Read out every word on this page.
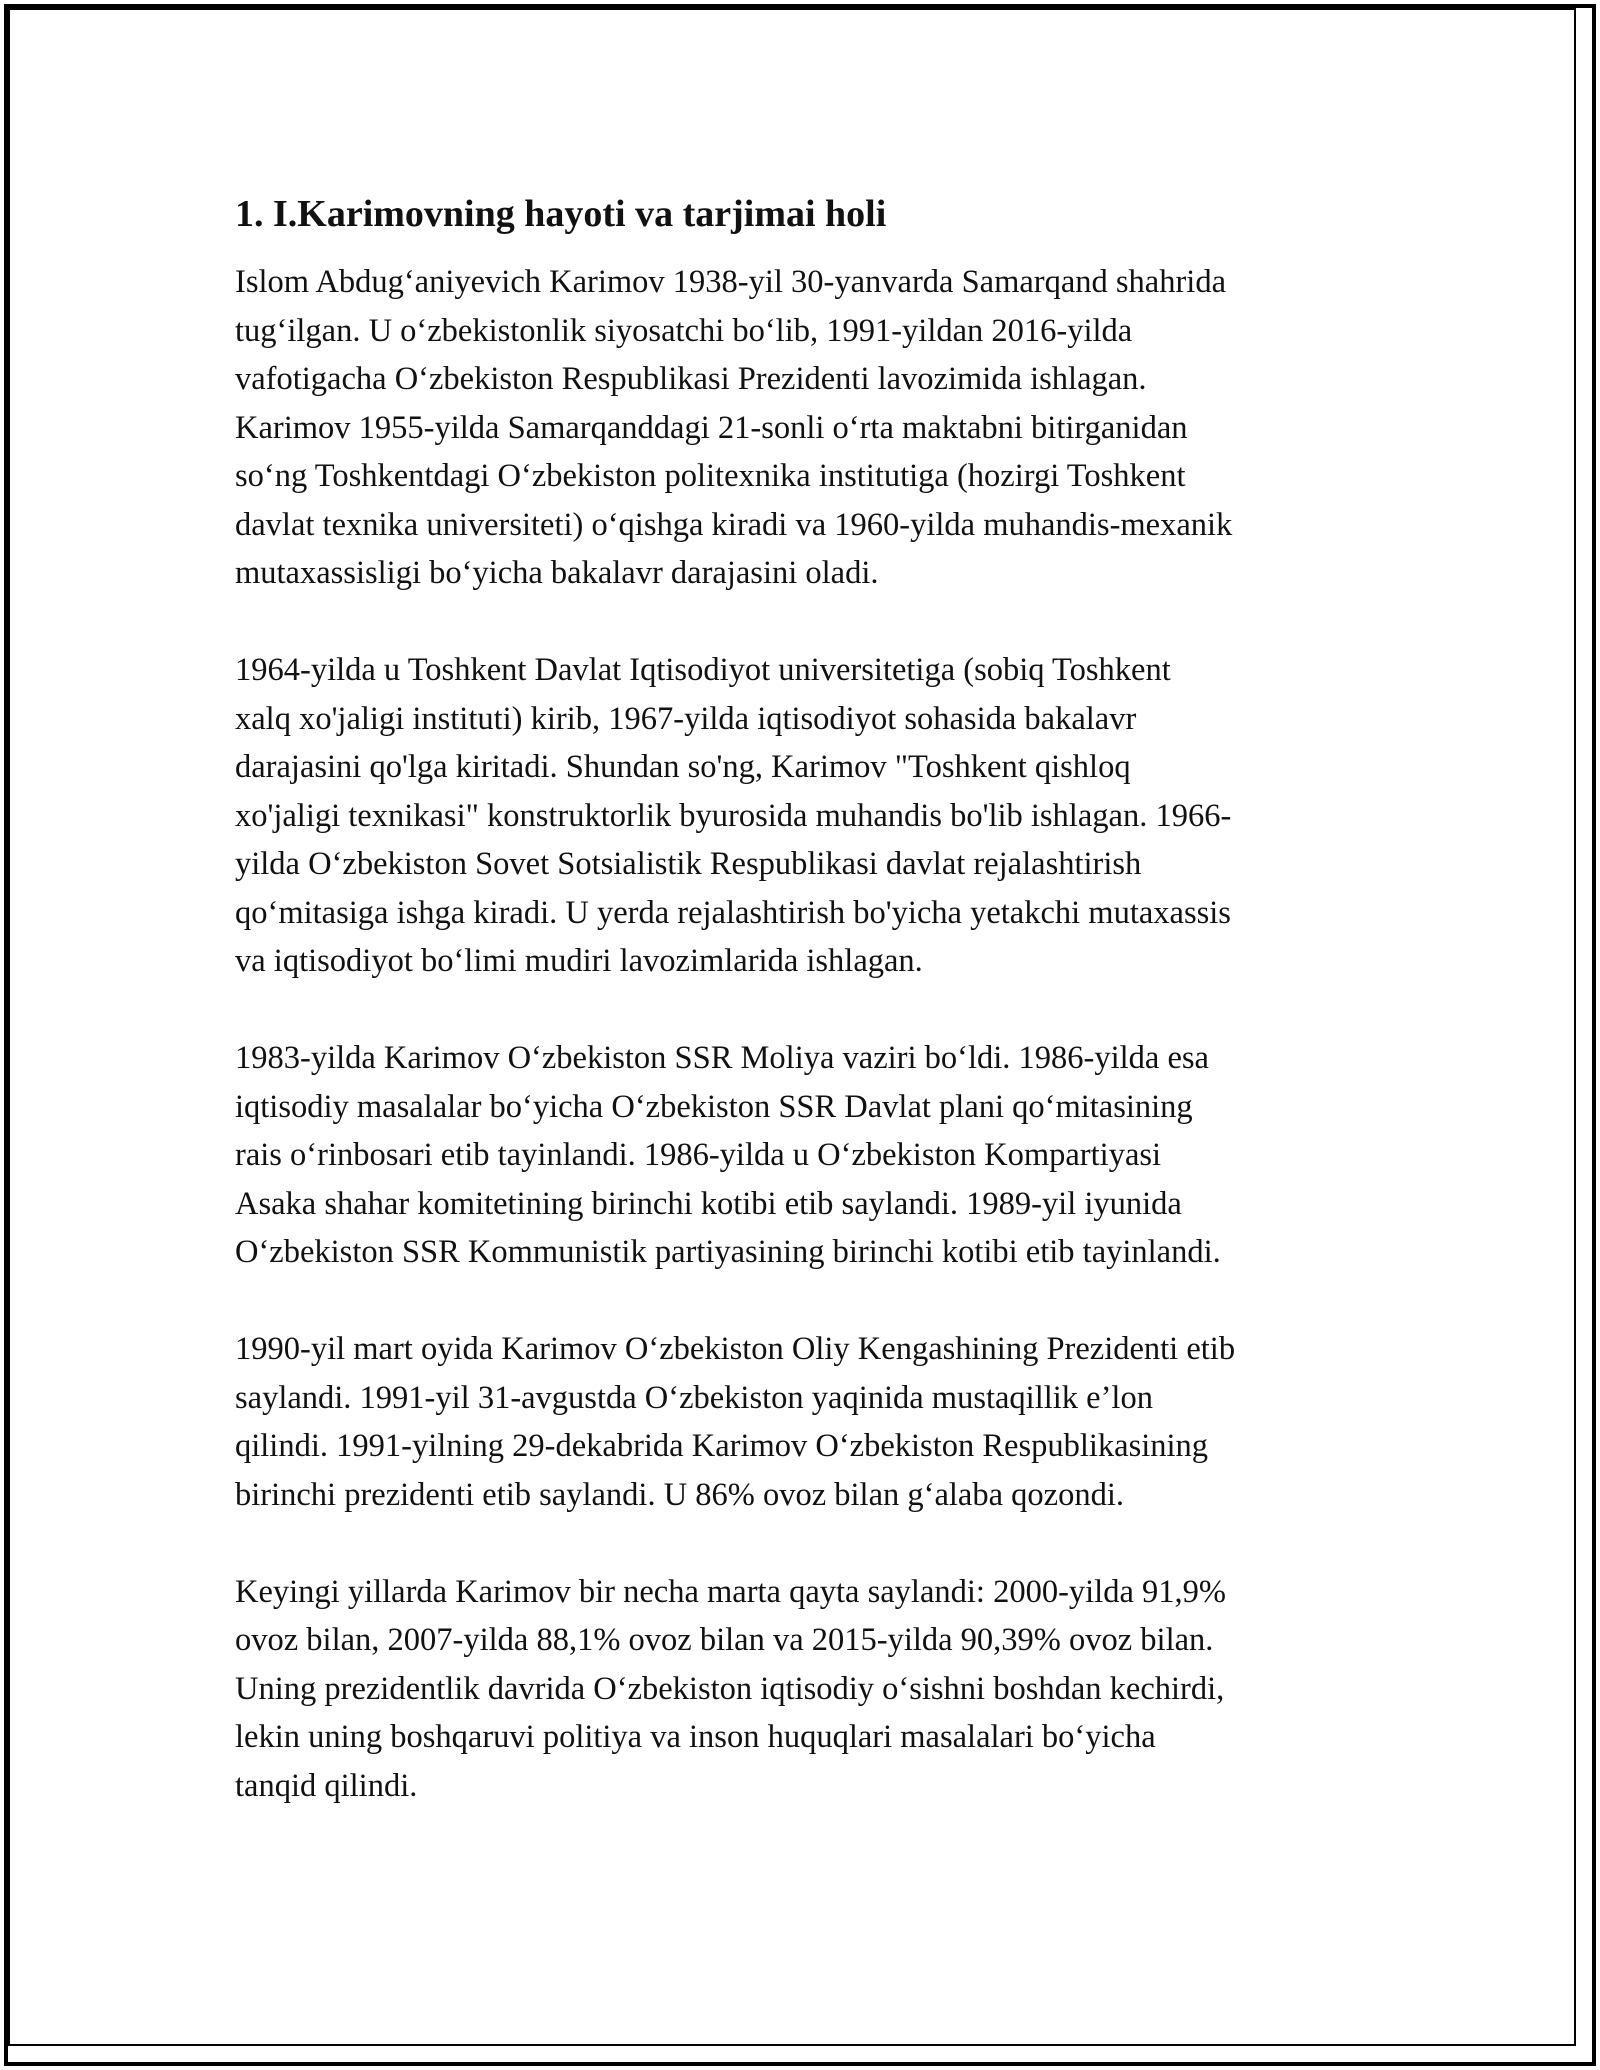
1. I.Karimovning hayoti va tarjimai holi

Islom Abdug‘aniyevich Karimov 1938-yil 30-yanvarda Samarqand shahrida
tug‘ilgan. U o‘zbekistonlik siyosatchi bo‘lib, 1991-yildan 2016-yilda
vafotigacha O‘zbekiston Respublikasi Prezidenti lavozimida ishlagan.
Karimov 1955-yilda Samarqanddagi 21-sonli o‘rta maktabni bitirganidan
so‘ng Toshkentdagi O‘zbekiston politexnika institutiga (hozirgi Toshkent
davlat texnika universiteti) o‘qishga kiradi va 1960-yilda muhandis-mexanik
mutaxassisligi bo‘yicha bakalavr darajasini oladi.

1964-yilda u Toshkent Davlat Iqtisodiyot universitetiga (sobiq Toshkent
xalq xo'jaligi instituti) kirib, 1967-yilda iqtisodiyot sohasida bakalavr
darajasini qo'lga kiritadi. Shundan so'ng, Karimov "Toshkent qishloq
xo'jaligi texnikasi" konstruktorlik byurosida muhandis bo'lib ishlagan. 1966-
yilda O‘zbekiston Sovet Sotsialistik Respublikasi davlat rejalashtirish
qo‘mitasiga ishga kiradi. U yerda rejalashtirish bo'yicha yetakchi mutaxassis
va iqtisodiyot bo‘limi mudiri lavozimlarida ishlagan.

1983-yilda Karimov O‘zbekiston SSR Moliya vaziri bo‘ldi. 1986-yilda esa
iqtisodiy masalalar bo‘yicha O‘zbekiston SSR Davlat plani qo‘mitasining
rais o‘rinbosari etib tayinlandi. 1986-yilda u O‘zbekiston Kompartiyasi
Asaka shahar komitetining birinchi kotibi etib saylandi. 1989-yil iyunida
O‘zbekiston SSR Kommunistik partiyasining birinchi kotibi etib tayinlandi.

1990-yil mart oyida Karimov O‘zbekiston Oliy Kengashining Prezidenti etib
saylandi. 1991-yil 31-avgustda O‘zbekiston yaqinida mustaqillik e’lon
qilindi. 1991-yilning 29-dekabrida Karimov O‘zbekiston Respublikasining
birinchi prezidenti etib saylandi. U 86% ovoz bilan g‘alaba qozondi.

Keyingi yillarda Karimov bir necha marta qayta saylandi: 2000-yilda 91,9%
ovoz bilan, 2007-yilda 88,1% ovoz bilan va 2015-yilda 90,39% ovoz bilan.
Uning prezidentlik davrida O‘zbekiston iqtisodiy o‘sishni boshdan kechirdi,
lekin uning boshqaruvi politiya va inson huquqlari masalalari bo‘yicha
tanqid qilindi.
